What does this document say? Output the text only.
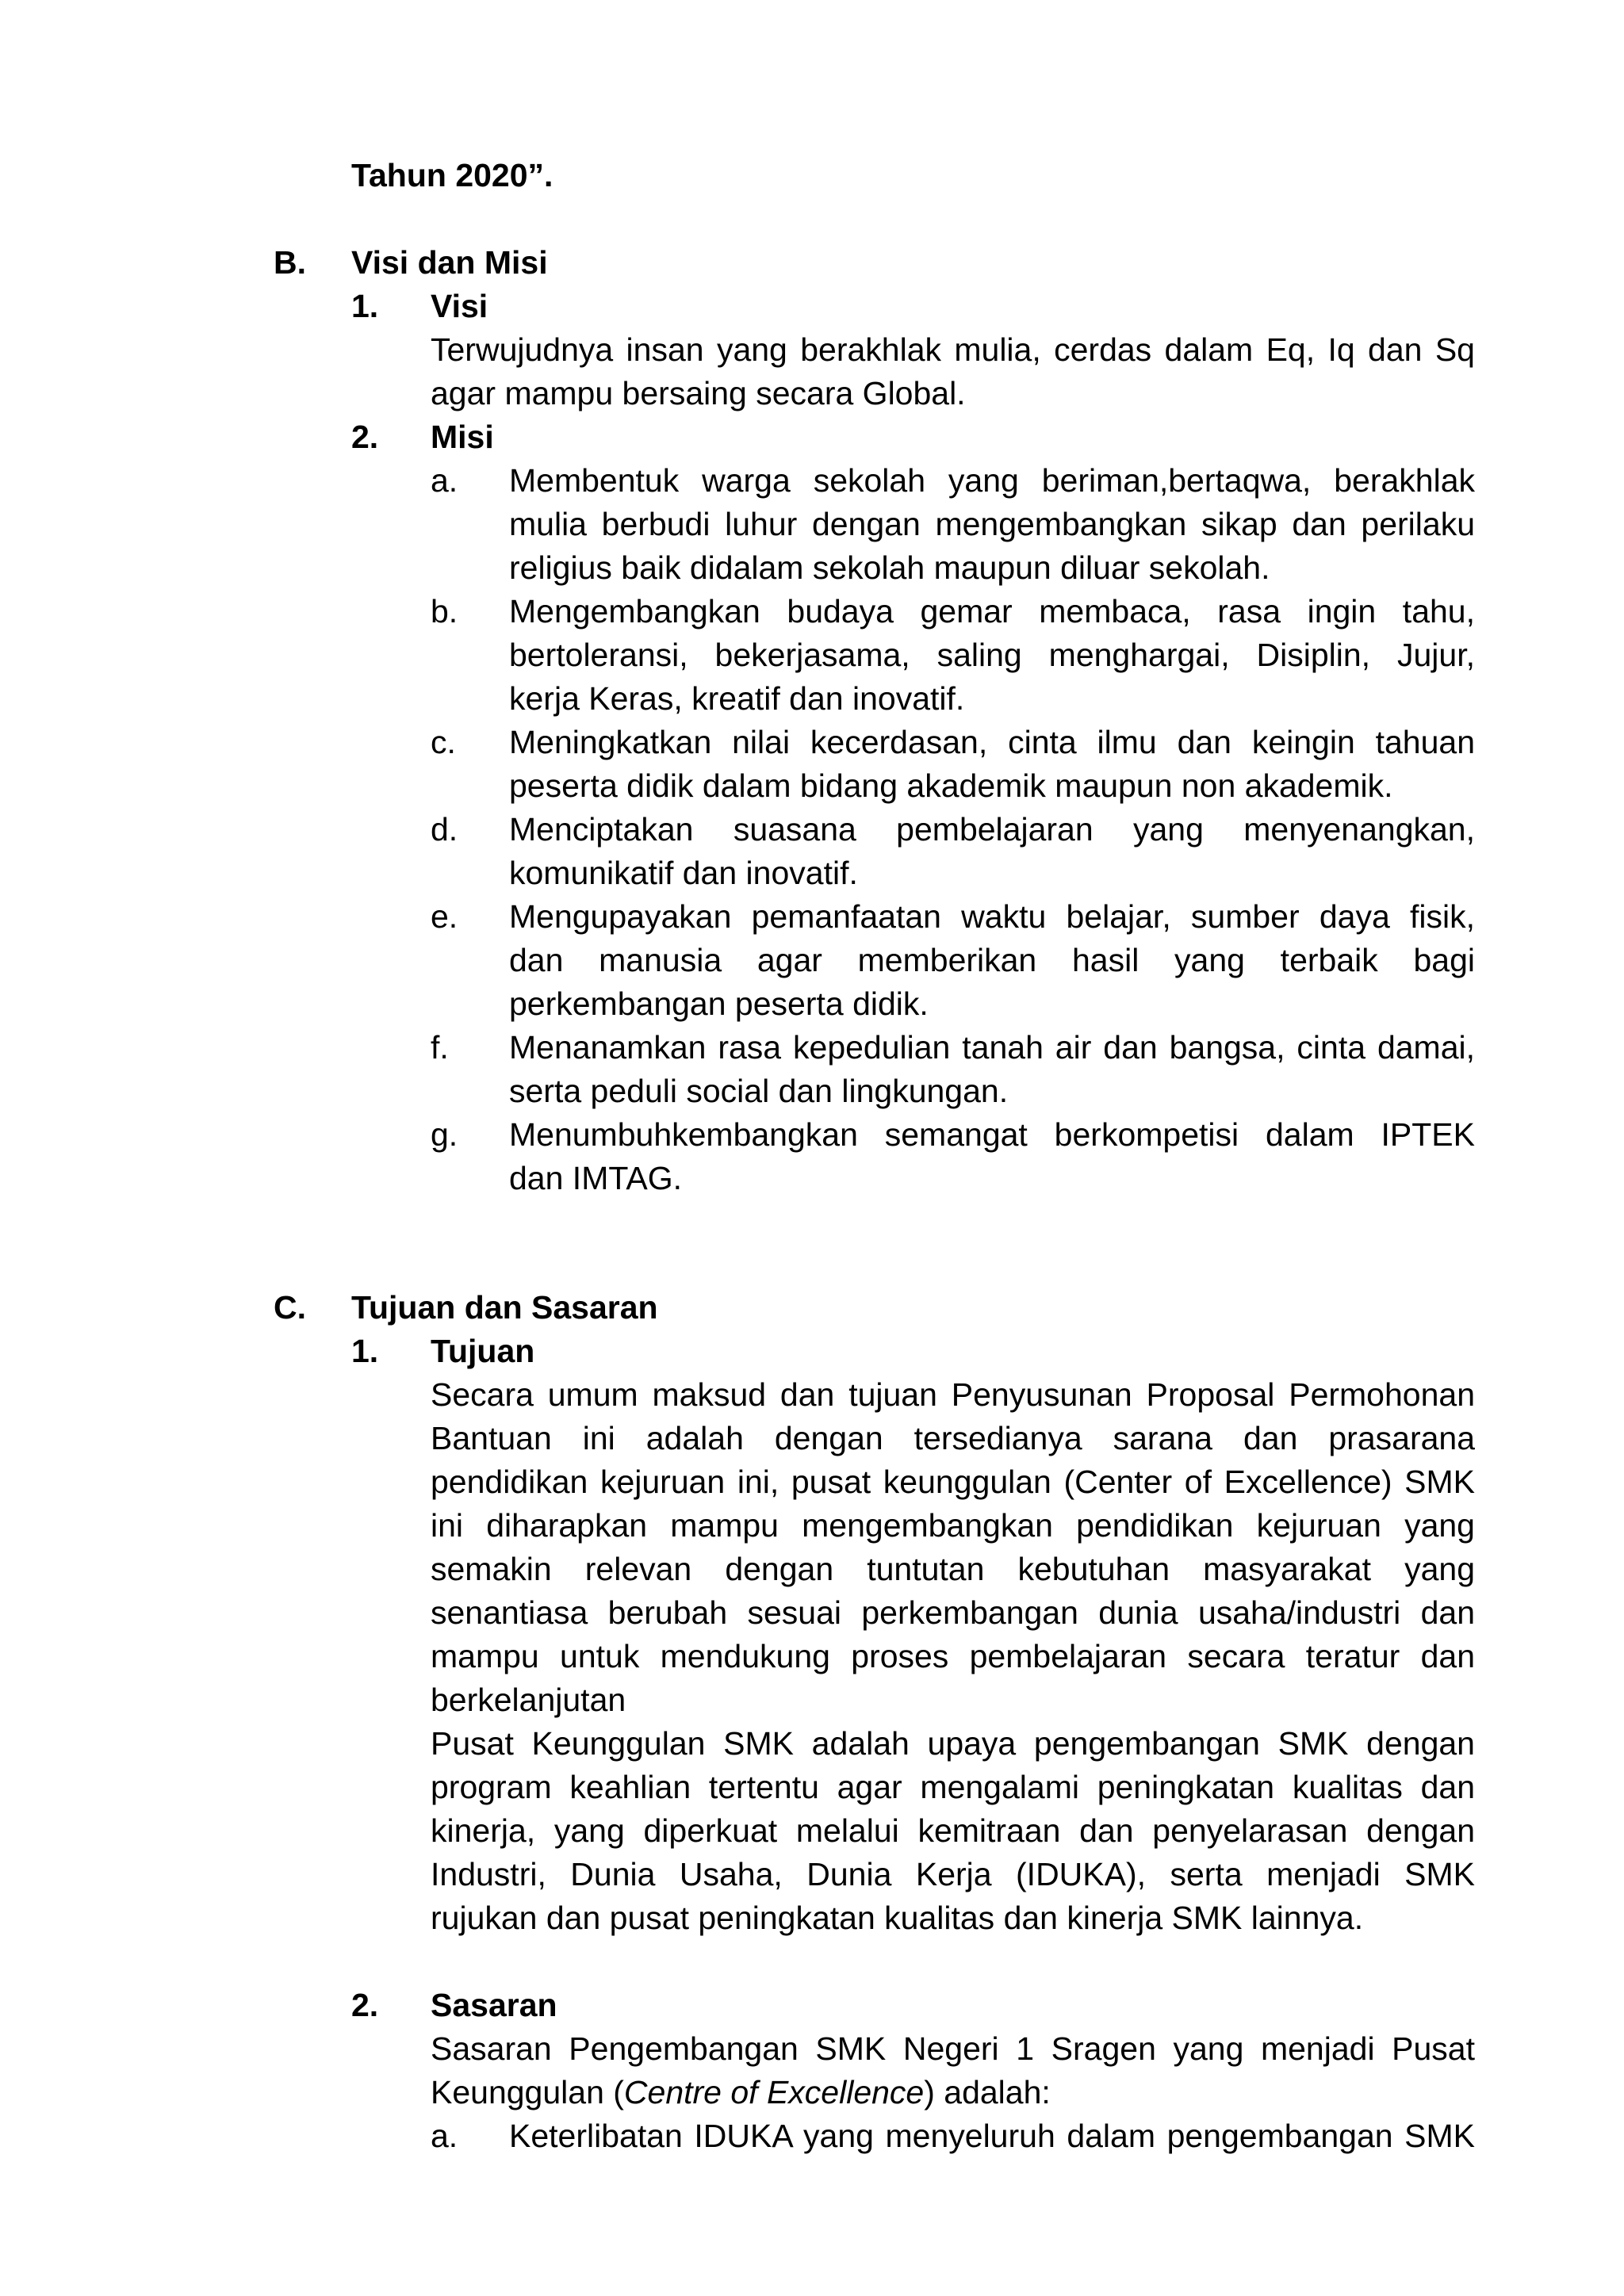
Tahun 2020”.
B. Visi dan Misi
1. Visi
Terwujudnya insan yang berakhlak mulia, cerdas dalam Eq, Iq dan Sq
agar mampu bersaing secara Global.
2. Misi
a. Membentuk warga sekolah yang beriman,bertaqwa, berakhlak
mulia berbudi luhur dengan mengembangkan sikap dan perilaku
religius baik didalam sekolah maupun diluar sekolah.
b. Mengembangkan budaya gemar membaca, rasa ingin tahu,
bertoleransi, bekerjasama, saling menghargai, Disiplin, Jujur,
kerja Keras, kreatif dan inovatif.
c. Meningkatkan nilai kecerdasan, cinta ilmu dan keingin tahuan
peserta didik dalam bidang akademik maupun non akademik.
d. Menciptakan suasana pembelajaran yang menyenangkan,
komunikatif dan inovatif.
e. Mengupayakan pemanfaatan waktu belajar, sumber daya fisik,
dan manusia agar memberikan hasil yang terbaik bagi
perkembangan peserta didik.
f. Menanamkan rasa kepedulian tanah air dan bangsa, cinta damai,
serta peduli social dan lingkungan.
g. Menumbuhkembangkan semangat berkompetisi dalam IPTEK
dan IMTAG.
C. Tujuan dan Sasaran
1. Tujuan
Secara umum maksud dan tujuan Penyusunan Proposal Permohonan
Bantuan ini adalah dengan tersedianya sarana dan prasarana
pendidikan kejuruan ini, pusat keunggulan (Center of Excellence) SMK
ini diharapkan mampu mengembangkan pendidikan kejuruan yang
semakin relevan dengan tuntutan kebutuhan masyarakat yang
senantiasa berubah sesuai perkembangan dunia usaha/industri dan
mampu untuk mendukung proses pembelajaran secara teratur dan
berkelanjutan
Pusat Keunggulan SMK adalah upaya pengembangan SMK dengan
program keahlian tertentu agar mengalami peningkatan kualitas dan
kinerja, yang diperkuat melalui kemitraan dan penyelarasan dengan
Industri, Dunia Usaha, Dunia Kerja (IDUKA), serta menjadi SMK
rujukan dan pusat peningkatan kualitas dan kinerja SMK lainnya.
2. Sasaran
Sasaran Pengembangan SMK Negeri 1 Sragen yang menjadi Pusat
Keunggulan (Centre of Excellence) adalah:
a. Keterlibatan IDUKA yang menyeluruh dalam pengembangan SMK
